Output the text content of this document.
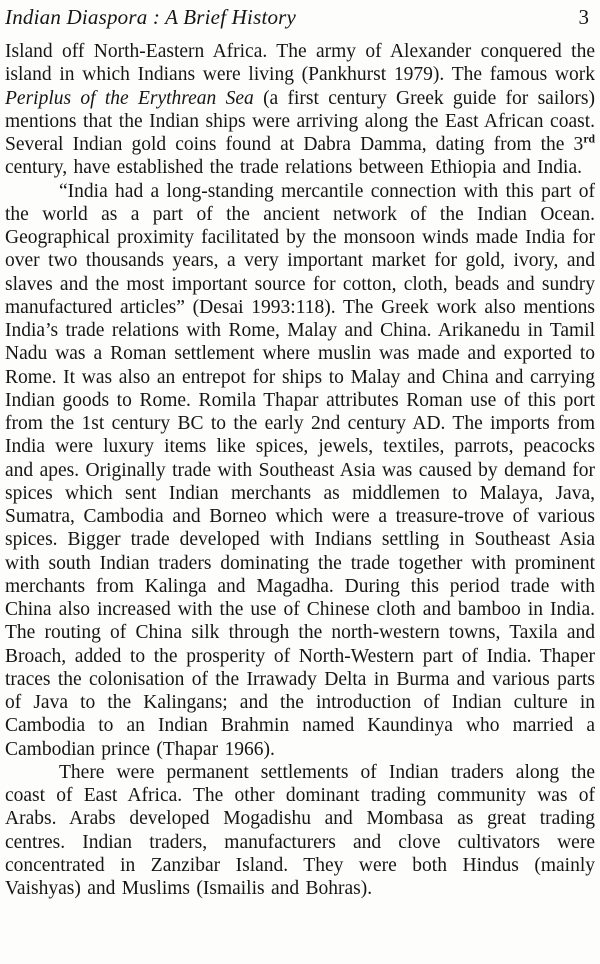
Indian Diaspora : A Brief History	3

Island off North-Eastern Africa. The army of Alexander conquered the island in which Indians were living (Pankhurst 1979). The famous work Periplus of the Erythrean Sea (a first century Greek guide for sailors) mentions that the Indian ships were arriving along the East African coast. Several Indian gold coins found at Dabra Damma, dating from the 3rd century, have established the trade relations between Ethiopia and India.

“India had a long-standing mercantile connection with this part of the world as a part of the ancient network of the Indian Ocean. Geographical proximity facilitated by the monsoon winds made India for over two thousands years, a very important market for gold, ivory, and slaves and the most important source for cotton, cloth, beads and sundry manufactured articles” (Desai 1993:118). The Greek work also mentions India’s trade relations with Rome, Malay and China. Arikanedu in Tamil Nadu was a Roman settlement where muslin was made and exported to Rome. It was also an entrepot for ships to Malay and China and carrying Indian goods to Rome. Romila Thapar attributes Roman use of this port from the 1st century BC to the early 2nd century AD. The imports from India were luxury items like spices, jewels, textiles, parrots, peacocks and apes. Originally trade with Southeast Asia was caused by demand for spices which sent Indian merchants as middlemen to Malaya, Java, Sumatra, Cambodia and Borneo which were a treasure-trove of various spices. Bigger trade developed with Indians settling in Southeast Asia with south Indian traders dominating the trade together with prominent merchants from Kalinga and Magadha. During this period trade with China also increased with the use of Chinese cloth and bamboo in India. The routing of China silk through the north-western towns, Taxila and Broach, added to the prosperity of North-Western part of India. Thaper traces the colonisation of the Irrawady Delta in Burma and various parts of Java to the Kalingans; and the introduction of Indian culture in Cambodia to an Indian Brahmin named Kaundinya who married a Cambodian prince (Thapar 1966).

There were permanent settlements of Indian traders along the coast of East Africa. The other dominant trading community was of Arabs. Arabs developed Mogadishu and Mombasa as great trading centres. Indian traders, manufacturers and clove cultivators were concentrated in Zanzibar Island. They were both Hindus (mainly Vaishyas) and Muslims (Ismailis and Bohras).
